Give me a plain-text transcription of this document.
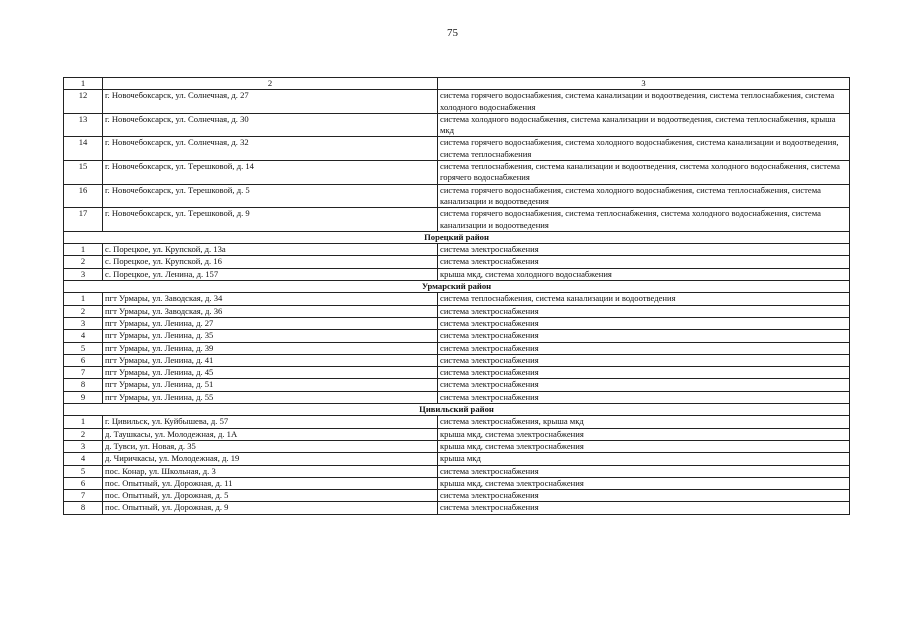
75
1	2	3
12	г. Новочебоксарск, ул. Солнечная, д. 27	система горячего водоснабжения, система канализации и водоотведения, система теплоснабжения, система холодного водоснабжения
13	г. Новочебоксарск, ул. Солнечная, д. 30	система холодного водоснабжения, система канализации и водоотведения, система теплоснабжения, крыша мкд
14	г. Новочебоксарск, ул. Солнечная, д. 32	система горячего водоснабжения, система холодного водоснабжения, система канализации и водоотведения, система теплоснабжения
15	г. Новочебоксарск, ул. Терешковой, д. 14	система теплоснабжения, система канализации и водоотведения, система холодного водоснабжения, система горячего водоснабжения
16	г. Новочебоксарск, ул. Терешковой, д. 5	система горячего водоснабжения, система холодного водоснабжения, система теплоснабжения, система канализации и водоотведения
17	г. Новочебоксарск, ул. Терешковой, д. 9	система горячего водоснабжения, система теплоснабжения, система холодного водоснабжения, система канализации и водоотведения
Порецкий район		
1	с. Порецкое, ул. Крупской, д. 13а	система электроснабжения
2	с. Порецкое, ул. Крупской, д. 16	система электроснабжения
3	с. Порецкое, ул. Ленина, д. 157	крыша мкд, система холодного водоснабжения
Урмарский район		
1	пгт Урмары, ул. Заводская, д. 34	система теплоснабжения, система канализации и водоотведения
2	пгт Урмары, ул. Заводская, д. 36	система электроснабжения
3	пгт Урмары, ул. Ленина, д. 27	система электроснабжения
4	пгт Урмары, ул. Ленина, д. 35	система электроснабжения
5	пгт Урмары, ул. Ленина, д. 39	система электроснабжения
6	пгт Урмары, ул. Ленина, д. 41	система электроснабжения
7	пгт Урмары, ул. Ленина, д. 45	система электроснабжения
8	пгт Урмары, ул. Ленина, д. 51	система электроснабжения
9	пгт Урмары, ул. Ленина, д. 55	система электроснабжения
Цивильский район		
1	г. Цивильск, ул. Куйбышева, д. 57	система электроснабжения, крыша мкд
2	д. Таушкасы, ул. Молодежная, д. 1А	крыша мкд, система электроснабжения
3	д. Тувси, ул. Новая, д. 35	крыша мкд, система электроснабжения
4	д. Чиричкасы, ул. Молодежная, д. 19	крыша мкд
5	пос. Конар, ул. Школьная, д. 3	система электроснабжения
6	пос. Опытный, ул. Дорожная, д. 11	крыша мкд, система электроснабжения
7	пос. Опытный, ул. Дорожная, д. 5	система электроснабжения
8	пос. Опытный, ул. Дорожная, д. 9	система электроснабжения
